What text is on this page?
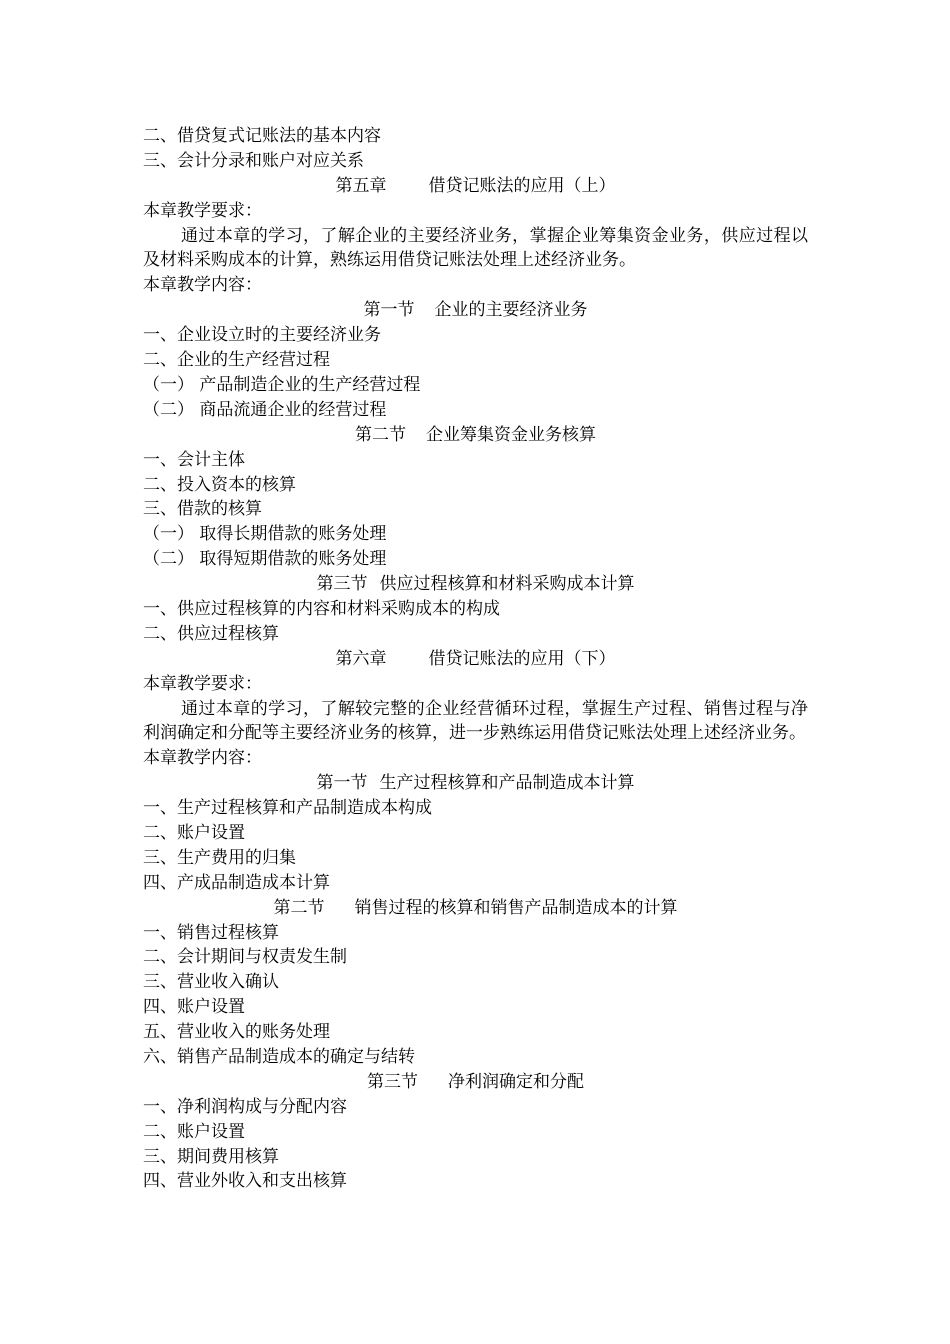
二、借贷复式记账法的基本内容
三、会计分录和账户对应关系
第五章 借贷记账法的应用（上）
本章教学要求：
通过本章的学习，了解企业的主要经济业务，掌握企业筹集资金业务，供应过程以及材料采购成本的计算，熟练运用借贷记账法处理上述经济业务。
本章教学内容：
第一节 企业的主要经济业务
一、企业设立时的主要经济业务
二、企业的生产经营过程
（一） 产品制造企业的生产经营过程
（二） 商品流通企业的经营过程
第二节 企业筹集资金业务核算
一、会计主体
二、投入资本的核算
三、借款的核算
（一） 取得长期借款的账务处理
（二） 取得短期借款的账务处理
第三节 供应过程核算和材料采购成本计算
一、供应过程核算的内容和材料采购成本的构成
二、供应过程核算
第六章 借贷记账法的应用（下）
本章教学要求：
通过本章的学习，了解较完整的企业经营循环过程，掌握生产过程、销售过程与净利润确定和分配等主要经济业务的核算，进一步熟练运用借贷记账法处理上述经济业务。
本章教学内容：
第一节 生产过程核算和产品制造成本计算
一、生产过程核算和产品制造成本构成
二、账户设置
三、生产费用的归集
四、产成品制造成本计算
第二节 销售过程的核算和销售产品制造成本的计算
一、销售过程核算
二、会计期间与权责发生制
三、营业收入确认
四、账户设置
五、营业收入的账务处理
六、销售产品制造成本的确定与结转
第三节 净利润确定和分配
一、净利润构成与分配内容
二、账户设置
三、期间费用核算
四、营业外收入和支出核算
